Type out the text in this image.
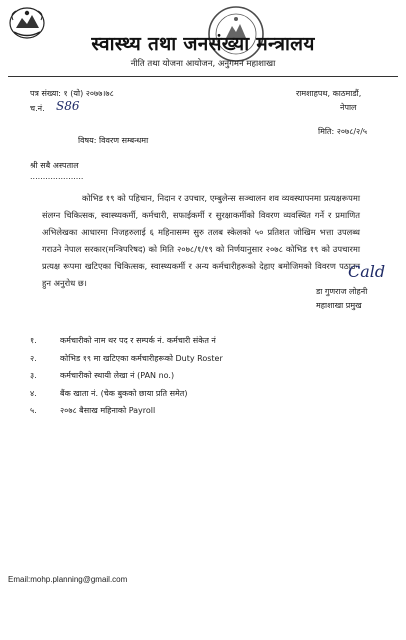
स्वास्थ्य तथा जनसंख्या मन्त्रालय
नीति तथा योजना आयोजन, अनुगमन महाशाखा
पत्र संख्या: १ (यो) २०७७।७८
च.नं. S86
रामशाहपथ, काठमाडौं,
नेपाल
मिति: २०७८/२/५
विषय: विवरण सम्बन्धमा
श्री सबै अस्पताल
.....................
कोभिड १९ को पहिचान, निदान र उपचार, एम्बुलेन्स सञ्चालन शव व्यवस्थापनमा प्रत्यक्षरूपमा संलग्न चिकित्सक, स्वास्थ्यकर्मी, कर्मचारी, सफाईकर्मी र सुरक्षाकर्मीको विवरण व्यवस्थित गर्ने र प्रमाणित अभिलेखका आधारमा निजहरुलाई ६ महिनासम्म सुरु तलब स्केलको ५० प्रतिशत जोखिम भत्ता उपलब्ध गराउने नेपाल सरकार(मन्त्रिपरिषद) को मिति २०७८/१/१९ को निर्णयानुसार २०७८ कोभिड १९ को उपचारमा प्रत्यक्ष रूपमा खटिएका चिकित्सक, स्वास्थ्यकर्मी र अन्य कर्मचारीहरूको देहाए बमोजिमको विवरण पठाउन हुन अनुरोध छ।
Cald
डा गुणराज लोहनी
महाशाखा प्रमुख
१.	कर्मचारीको नाम थर पद र सम्पर्क नं. कर्मचारी संकेत नं
२.	कोभिड १९ मा खटिएका कर्मचारीहरूको Duty Roster
३.	कर्मचारीको स्थायी लेखा नं (PAN no.)
४.	बैंक खाता नं. (चेक बुकको छाया प्रति समेत)
५.	२०७८ बैसाख महिनाको Payroll
Email:mohp.planning@gmail.com
